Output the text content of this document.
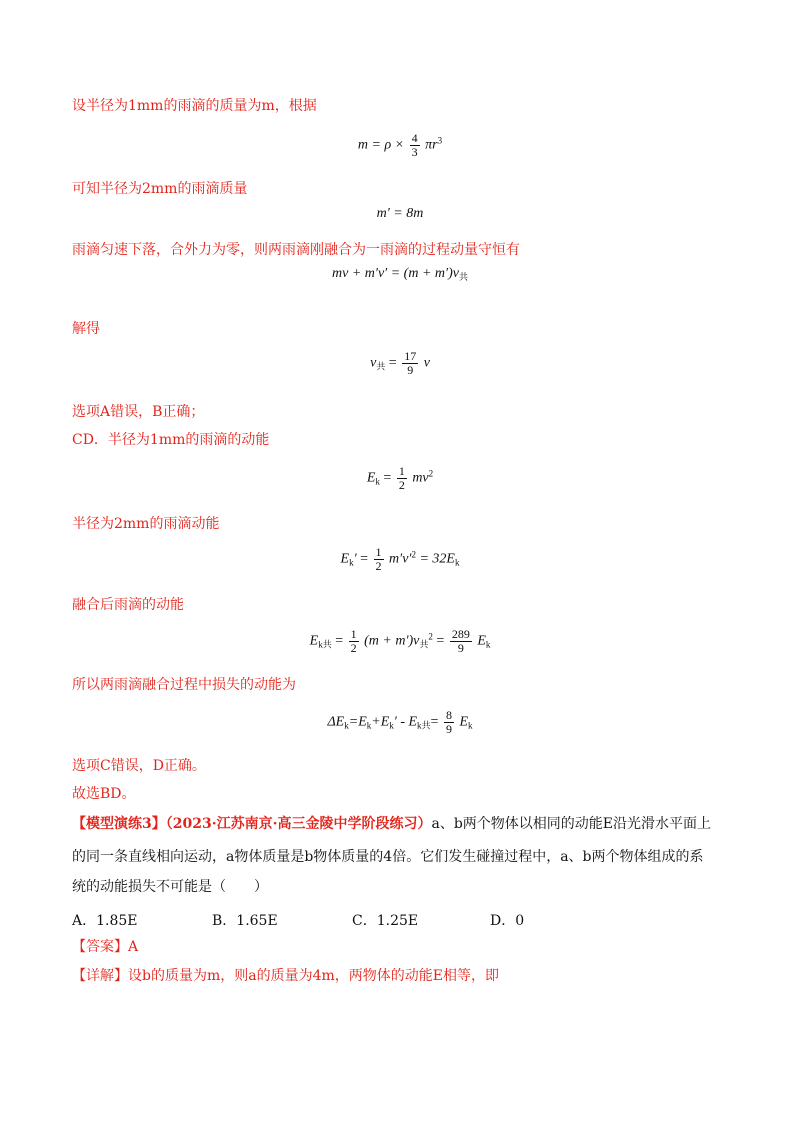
设半径为1mm的雨滴的质量为m，根据
$m = \rho \times \frac{4}{3} \pi r^3$
可知半径为2mm的雨滴质量
m′ = 8m
雨滴匀速下落，合外力为零，则两雨滴刚融合为一雨滴的过程动量守恒有
mv + $m'v' = (m + m')v_共$
解得
$v_共 = \frac{17}{9}$ v
选项A错误，B正确；
CD．半径为1mm的雨滴的动能
$E_k = \frac{1}{2} mv^2$
半径为2mm的雨滴动能
$E_k' = \frac{1}{2} m'v'^2 = 32E_k$
融合后雨滴的动能
$E_{k共} = \frac{1}{2} (m + m')v_共^2 = \frac{289}{9} E_k$
所以两雨滴融合过程中损失的动能为
$\Delta E_k=E_k+E_k' - E_{k共}= \frac{8}{9} E_k$
选项C错误，D正确。
故选BD。
【模型演练3】（2023·江苏南京·高三金陵中学阶段练习）a、b两个物体以相同的动能E沿光滑水平面上
的同一条直线相向运动，a物体质量是b物体质量的4倍。它们发生碰撞过程中，a、b两个物体组成的系
统的动能损失不可能是（　　）
A．1.85E	B．1.65E	C．1.25E	D．0
【答案】A
【详解】设b的质量为m，则a的质量为4m，两物体的动能E相等，即
